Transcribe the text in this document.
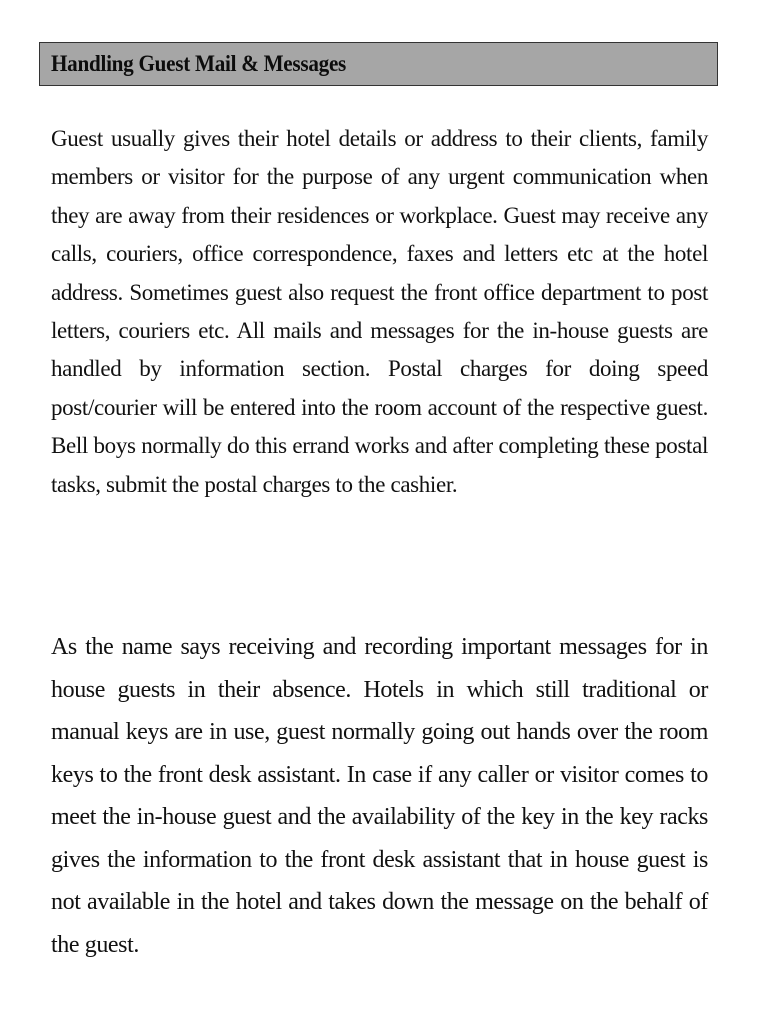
Handling Guest Mail & Messages

Guest usually gives their hotel details or address to their clients, family members or visitor for the purpose of any urgent communication when they are away from their residences or workplace. Guest may receive any calls, couriers, office correspondence, faxes and letters etc at the hotel address. Sometimes guest also request the front office department to post letters, couriers etc. All mails and messages for the in-house guests are handled by information section. Postal charges for doing speed post/courier will be entered into the room account of the respective guest. Bell boys normally do this errand works and after completing these postal tasks, submit the postal charges to the cashier.

As the name says receiving and recording important messages for in house guests in their absence. Hotels in which still traditional or manual keys are in use, guest normally going out hands over the room keys to the front desk assistant. In case if any caller or visitor comes to meet the in-house guest and the availability of the key in the key racks gives the information to the front desk assistant that in house guest is not available in the hotel and takes down the message on the behalf of the guest.
